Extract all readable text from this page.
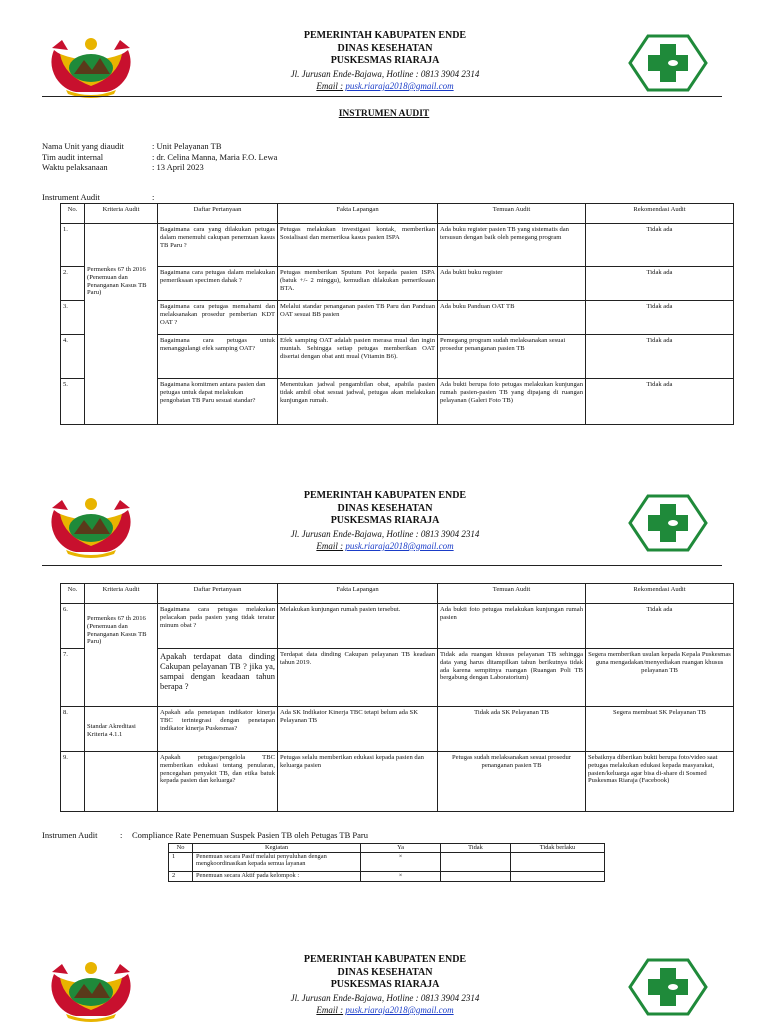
PEMERINTAH KABUPATEN ENDE
DINAS KESEHATAN
PUSKESMAS RIARAJA
Jl. Jurusan Ende-Bajawa, Hotline : 0813 3904 2314
Email : pusk.riaraja2018@gmail.com
INSTRUMEN AUDIT
Nama Unit yang diaudit	: Unit Pelayanan TB
Tim audit internal	: dr. Celina Manna, Maria F.O. Lewa
Waktu pelaksanaan	: 13 April 2023
Instrument Audit	:
No.	Kriteria Audit	Daftar Pertanyaan	Fakta Lapangan	Temuan Audit	Rekomendasi Audit
1.	Permenkes 67 th 2016
(Penemuan dan Penanganan Kasus TB Paru)	Bagaimana cara yang dilakukan petugas dalam menemuhi cakupan penemuan kasus TB Paru ?	Petugas melakukan investigasi kontak, memberikan Sosialisasi dan memeriksa kasus pasien ISPA	Ada buku register pasien TB yang sistematis dan tersusun dengan baik oleh pemegang program	Tidak ada
2.		Bagaimana cara petugas dalam melakukan pemeriksaan specimen dahak ?	Petugas memberikan Sputum Pot kepada pasien ISPA (batuk +/- 2 minggu), kemudian dilakukan pemeriksaan BTA.	Ada bukti buku register	Tidak ada
3.		Bagaimana cara petugas memahami dan melaksanakan prosedur pemberian KDT OAT ?	Melalui standar penanganan pasien TB Paru dan Panduan OAT sesuai BB pasien	Ada buku Panduan OAT TB	Tidak ada
4.		Bagaimana cara petugas untuk menanggulangi efek samping OAT?	Efek samping OAT adalah pasien merasa mual dan ingin muntah. Sehingga setiap petugas memberikan OAT disertai dengan obat anti mual (Vitamin B6).	Pemegang program sudah melaksanakan sesuai prosedur penanganan pasien TB	Tidak ada
5.		Bagaimana komitmen antara pasien dan petugas untuk dapat melakukan pengobatan TB Paru sesuai standar?	Menentukan jadwal pengambilan obat, apabila pasien tidak ambil obat sesuai jadwal, petugas akan melakukan kunjungan rumah.	Ada bukti berupa foto petugas melakukan kunjungan rumah pasien-pasien TB yang dipajang di ruangan pelayanan (Galeri Foto TB)	Tidak ada
PEMERINTAH KABUPATEN ENDE
DINAS KESEHATAN
PUSKESMAS RIARAJA
Jl. Jurusan Ende-Bajawa, Hotline : 0813 3904 2314
Email : pusk.riaraja2018@gmail.com
No.	Kriteria Audit	Daftar Pertanyaan	Fakta Lapangan	Temuan Audit	Rekomendasi Audit
6.	Permenkes 67 th 2016
(Penemuan dan Penanganan Kasus TB Paru)	Bagaimana cara petugas melakukan pelacakan pada pasien yang tidak teratur minum obat ?	Melakukan kunjungan rumah pasien tersebut.	Ada bukti foto petugas melakukan kunjungan rumah pasien	Tidak ada
7.		Apakah terdapat data dinding Cakupan pelayanan TB ? jika ya, sampai dengan keadaan tahun berapa ?	Terdapat data dinding Cakupan pelayanan TB keadaan tahun 2019.	Tidak ada ruangan khusus pelayanan TB sehingga data yang harus ditampilkan tahun berikutnya tidak ada karena sempitnya ruangan (Ruangan Poli TB bergabung dengan Laboratorium)	Segera memberikan usulan kepada Kepala Puskesmas guna mengadakan/menyediakan ruangan khusus pelayanan TB
8.	Standar Akreditasi Kriteria 4.1.1	Apakah ada penetapan indikator kinerja TBC terintegrasi dengan penetapan indikator kinerja Puskesmas?	Ada SK Indikator Kinerja TBC tetapi belum ada SK Pelayanan TB	Tidak ada SK Pelayanan TB	Segera membuat SK Pelayanan TB
9.		Apakah petugas/pengelola TBC memberikan edukasi tentang penularan, pencegahan penyakit TB, dan etika batuk kepada pasien dan keluarga?	Petugas selalu memberikan edukasi kepada pasien dan keluarga pasien	Petugas sudah melaksanakan sesuai prosedur penanganan pasien TB	Sebaiknya diberikan bukti berupa foto/video saat petugas melakukan edukasi kepada masyarakat, pasien/keluarga agar bisa di-share di Sosmed Puskesmas Riaraja (Facebook)
Instrumen Audit	: Compliance Rate Penemuan Suspek Pasien TB oleh Petugas TB Paru
No	Kegiatan	Ya	Tidak	Tidak berlaku
1	Penemuan secara Pasif melalui penyuluhan dengan mengkoordinasikan kepada semua layanan	×		
2	Penemuan secara Aktif pada kelompok :	×		
PEMERINTAH KABUPATEN ENDE
DINAS KESEHATAN
PUSKESMAS RIARAJA
Jl. Jurusan Ende-Bajawa, Hotline : 0813 3904 2314
Email : pusk.riaraja2018@gmail.com
